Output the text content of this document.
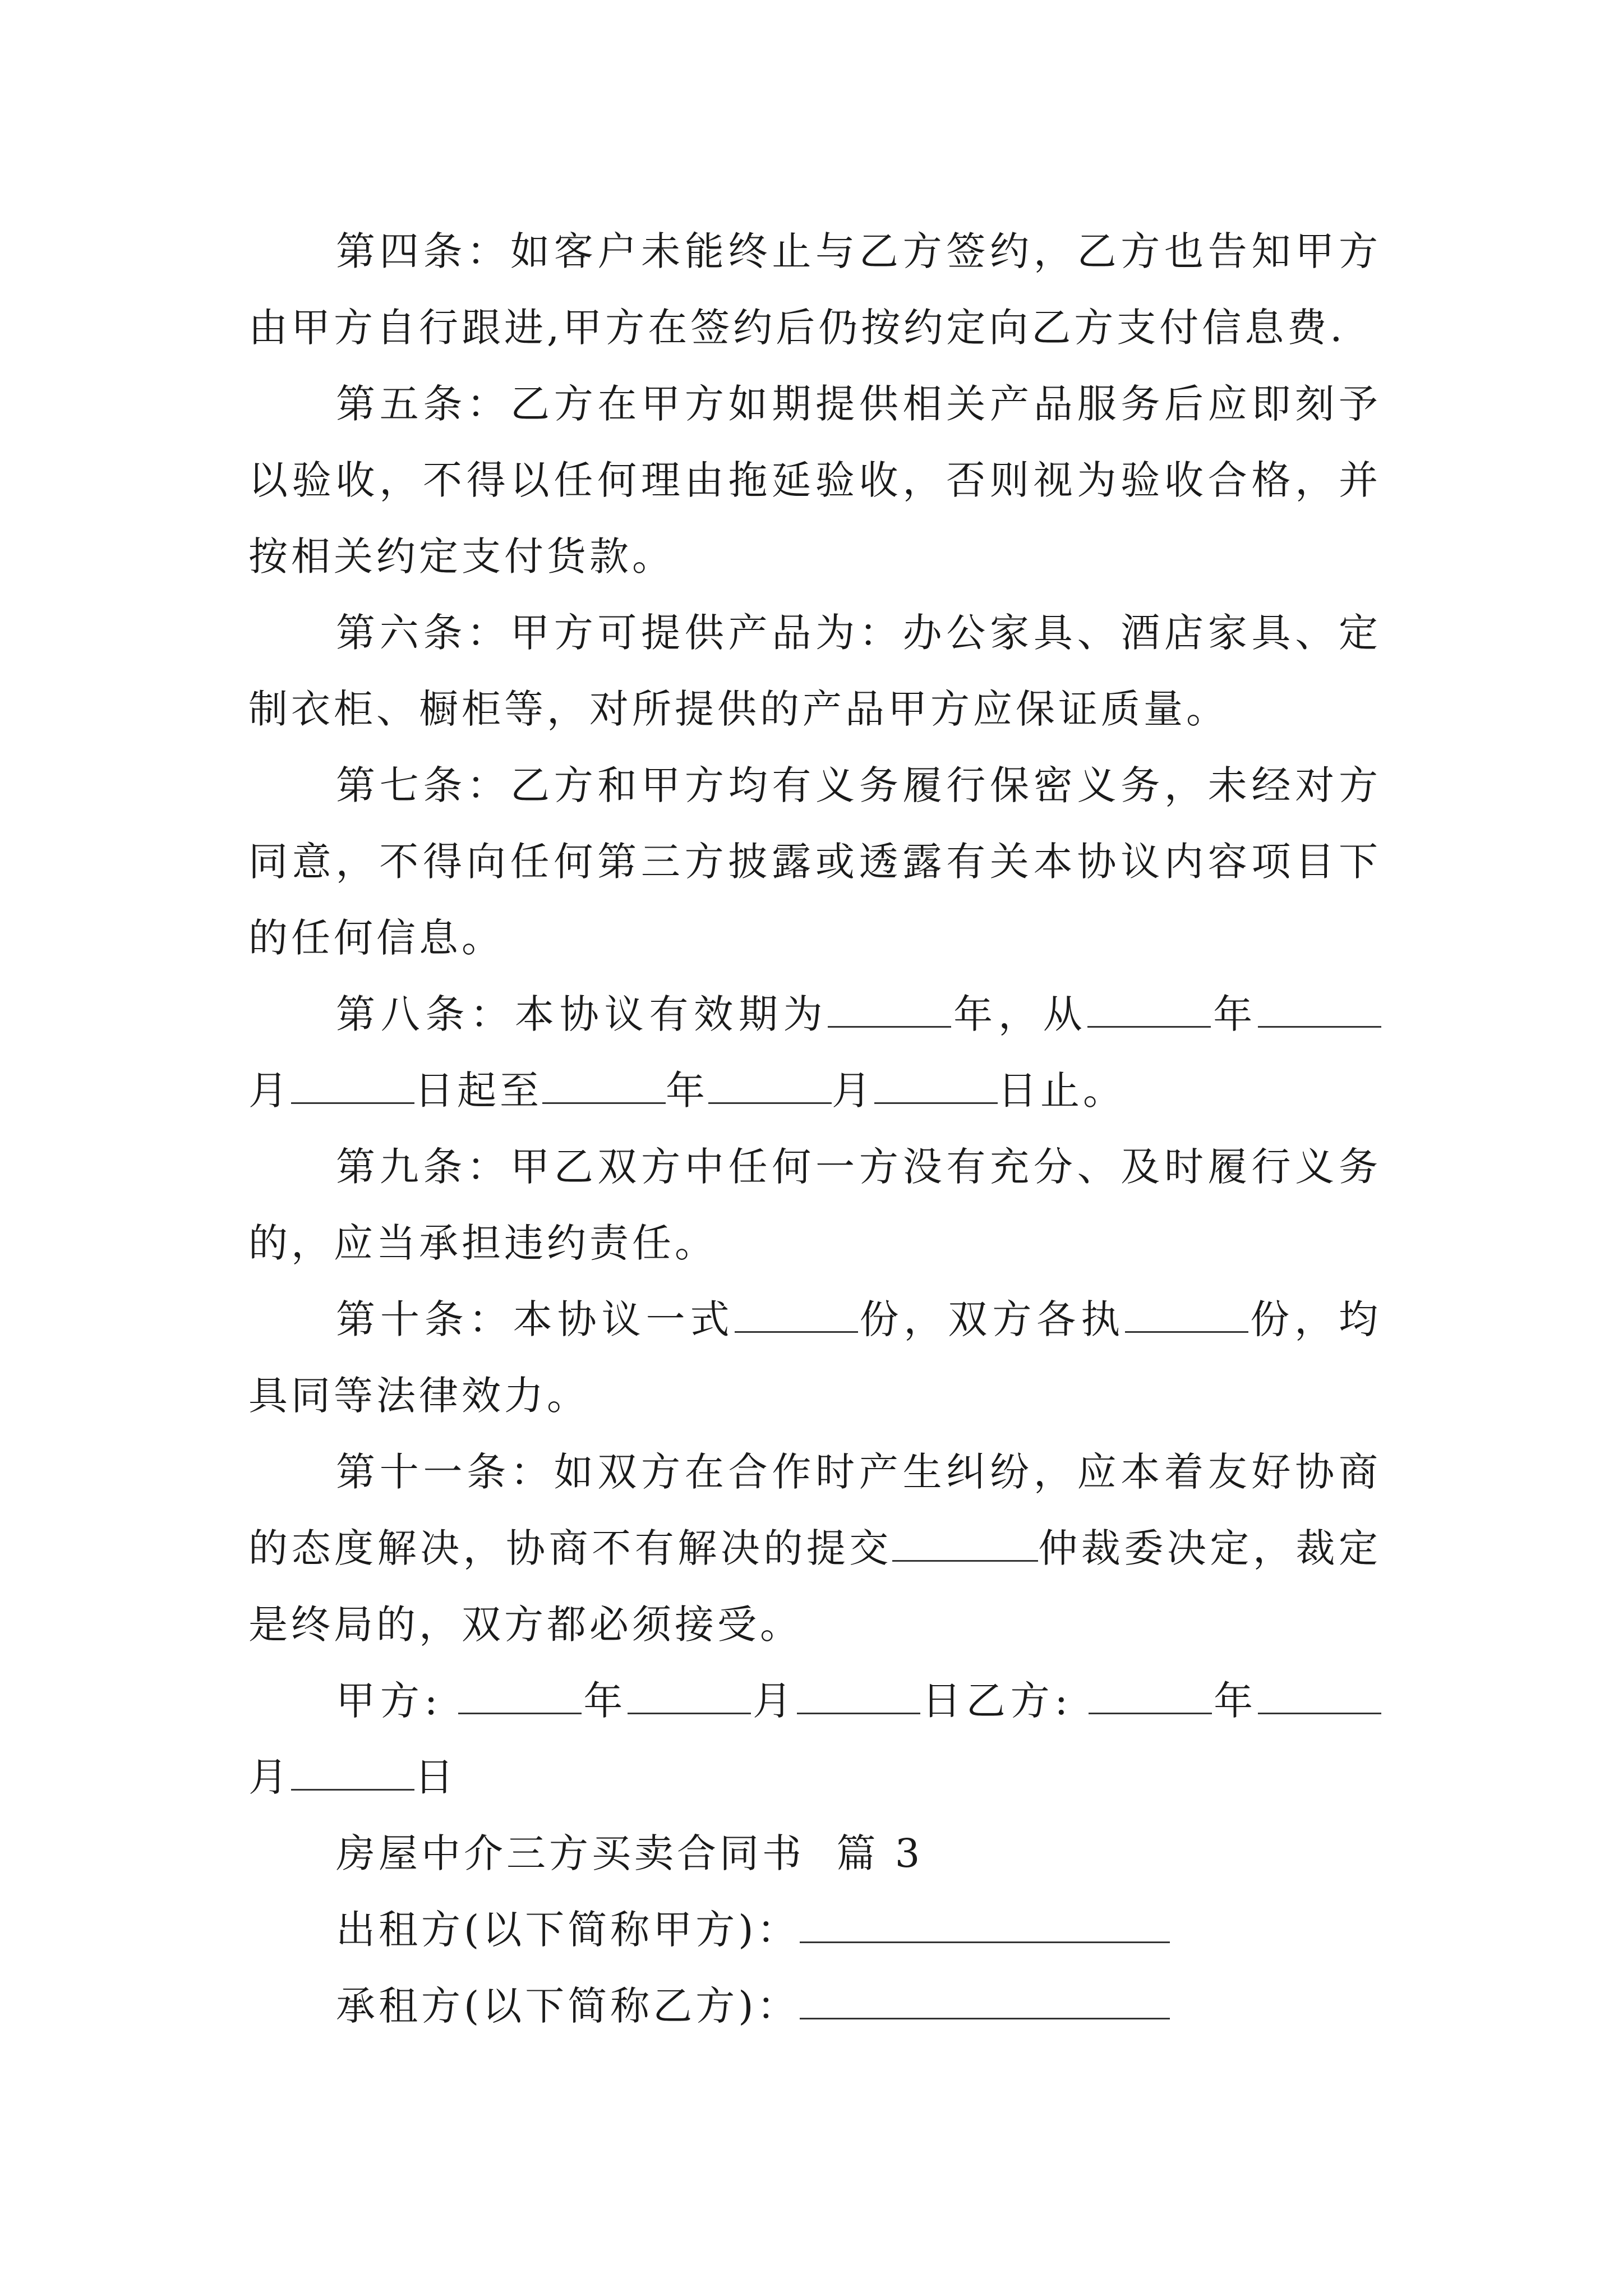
第四条：如客户未能终止与乙方签约，乙方也告知甲方由甲方自行跟进,甲方在签约后仍按约定向乙方支付信息费.

第五条：乙方在甲方如期提供相关产品服务后应即刻予以验收，不得以任何理由拖延验收，否则视为验收合格，并按相关约定支付货款。

第六条：甲方可提供产品为：办公家具、酒店家具、定制衣柜、橱柜等，对所提供的产品甲方应保证质量。

第七条：乙方和甲方均有义务履行保密义务，未经对方同意，不得向任何第三方披露或透露有关本协议内容项目下的任何信息。

第八条：本协议有效期为	年，从	年月	日起至	年	月	日止。

第九条：甲乙双方中任何一方没有充分、及时履行义务的，应当承担违约责任。

第十条：本协议一式	份，双方各执	份，均具同等法律效力。

第十一条：如双方在合作时产生纠纷，应本着友好协商的态度解决，协商不有解决的提交	仲裁委决定，裁定是终局的，双方都必须接受。

甲方:	年	月	日乙方:	年月	日

房屋中介三方买卖合同书  篇 3

出租方(以下简称甲方)：

承租方(以下简称乙方)：
